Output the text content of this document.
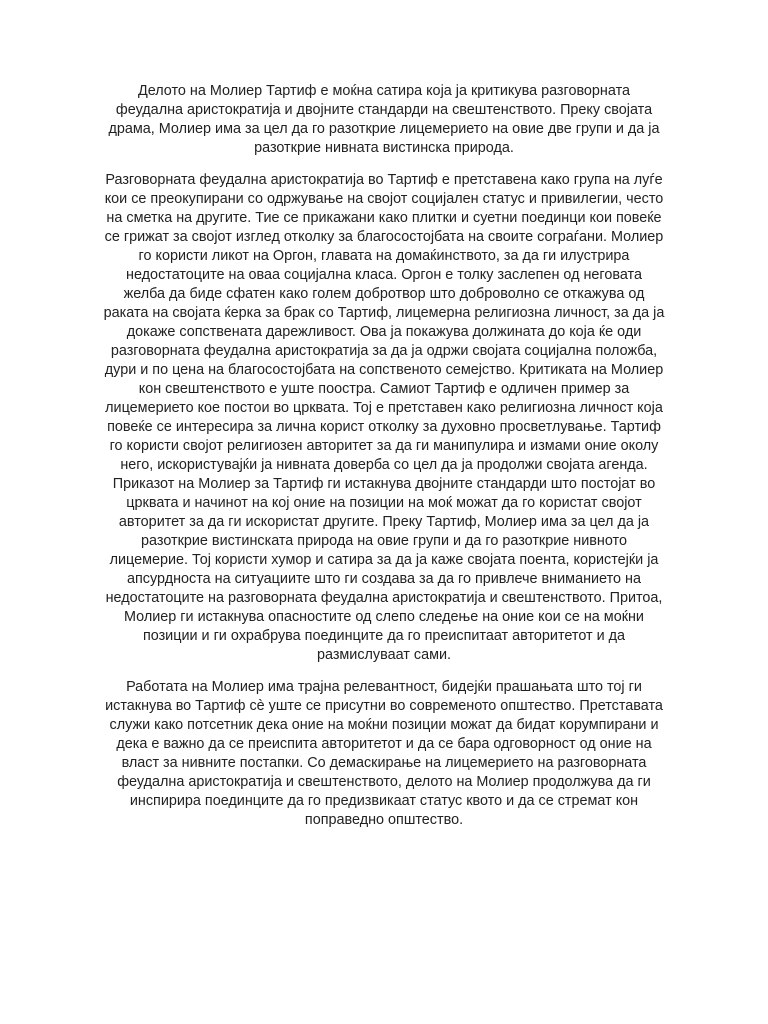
Делото на Молиер Тартиф е моќна сатира која ја критикува разговорната
феудална аристократија и двојните стандарди на свештенството. Преку својата
драма, Молиер има за цел да го разоткрие лицемерието на овие две групи и да ја
разоткрие нивната вистинска природа.

Разговорната феудална аристократија во Тартиф е претставена како група на луѓе
кои се преокупирани со одржување на својот социјален статус и привилегии, често
на сметка на другите. Тие се прикажани како плитки и суетни поединци кои повеќе
се грижат за својот изглед отколку за благосостојбата на своите сограѓани. Молиер
го користи ликот на Оргон, главата на домаќинството, за да ги илустрира
недостатоците на оваа социјална класа. Оргон е толку заслепен од неговата
желба да биде сфатен како голем добротвор што доброволно се откажува од
раката на својата ќерка за брак со Тартиф, лицемерна религиозна личност, за да ја
докаже сопствената дарежливост. Ова ја покажува должината до која ќе оди
разговорната феудална аристократија за да ја одржи својата социјална положба,
дури и по цена на благосостојбата на сопственото семејство. Критиката на Молиер
кон свештенството е уште поостра. Самиот Тартиф е одличен пример за
лицемерието кое постои во црквата. Тој е претставен како религиозна личност која
повеќе се интересира за лична корист отколку за духовно просветлување. Тартиф
го користи својот религиозен авторитет за да ги манипулира и измами оние околу
него, искористувајќи ја нивната доверба со цел да ја продолжи својата агенда.
Приказот на Молиер за Тартиф ги истакнува двојните стандарди што постојат во
црквата и начинот на кој оние на позиции на моќ можат да го користат својот
авторитет за да ги искористат другите. Преку Тартиф, Молиер има за цел да ја
разоткрие вистинската природа на овие групи и да го разоткрие нивното
лицемерие. Тој користи хумор и сатира за да ја каже својата поента, користејќи ја
апсурдноста на ситуациите што ги создава за да го привлече вниманието на
недостатоците на разговорната феудална аристократија и свештенството. Притоа,
Молиер ги истакнува опасностите од слепо следење на оние кои се на моќни
позиции и ги охрабрува поединците да го преиспитаат авторитетот и да
размислуваат сами.

Работата на Молиер има трајна релевантност, бидејќи прашањата што тој ги
истакнува во Тартиф сè уште се присутни во современото општество. Претставата
служи како потсетник дека оние на моќни позиции можат да бидат корумпирани и
дека е важно да се преиспита авторитетот и да се бара одговорност од оние на
власт за нивните постапки. Со демаскирање на лицемерието на разговорната
феудална аристократија и свештенството, делото на Молиер продолжува да ги
инспирира поединците да го предизвикаат статус квото и да се стремат кон
поправедно општество.
